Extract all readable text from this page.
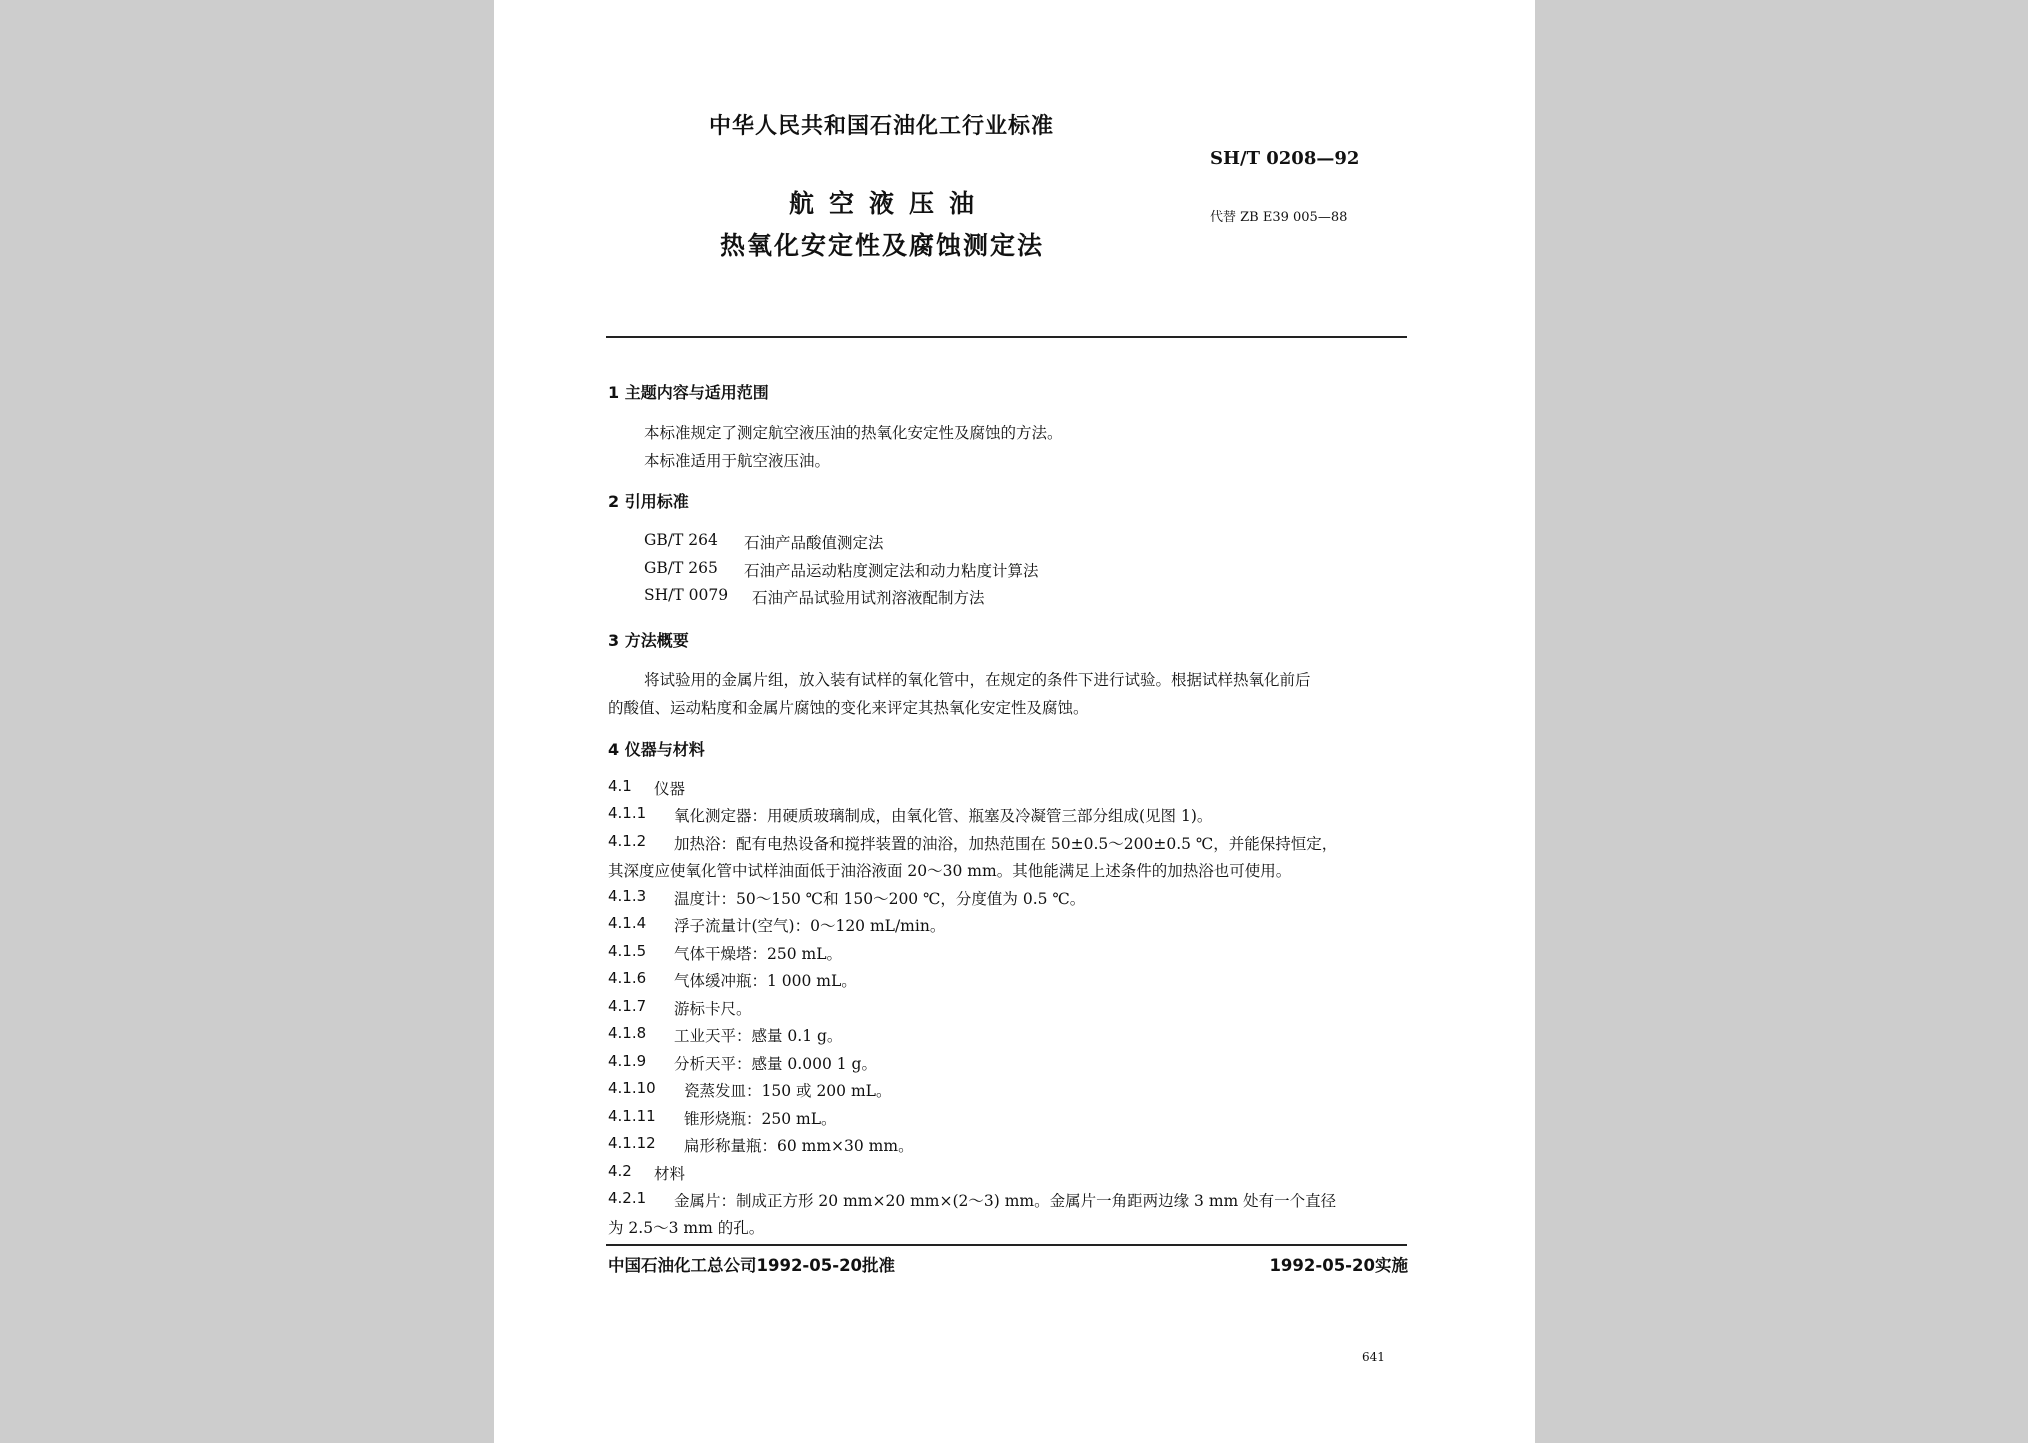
中华人民共和国石油化工行业标准
SH/T 0208—92
航空液压油	代替 ZB E39 005—88
热氧化安定性及腐蚀测定法
1 主题内容与适用范围
本标准规定了测定航空液压油的热氧化安定性及腐蚀的方法。
本标准适用于航空液压油。
2 引用标准
GB/T 264 石油产品酸值测定法
GB/T 265 石油产品运动粘度测定法和动力粘度计算法
SH/T 0079 石油产品试验用试剂溶液配制方法
3 方法概要
将试验用的金属片组，放入装有试样的氧化管中，在规定的条件下进行试验。根据试样热氧化前后
的酸值、运动粘度和金属片腐蚀的变化来评定其热氧化安定性及腐蚀。
4 仪器与材料
4.1 仪器
4.1.1 氧化测定器：用硬质玻璃制成，由氧化管、瓶塞及冷凝管三部分组成(见图 1)。
4.1.2 加热浴：配有电热设备和搅拌装置的油浴，加热范围在 50±0.5～200±0.5 ℃，并能保持恒定，
其深度应使氧化管中试样油面低于油浴液面 20～30 mm。其他能满足上述条件的加热浴也可使用。
4.1.3 温度计：50～150 ℃和 150～200 ℃，分度值为 0.5 ℃。
4.1.4 浮子流量计(空气)：0～120 mL/min。
4.1.5 气体干燥塔：250 mL。
4.1.6 气体缓冲瓶：1 000 mL。
4.1.7 游标卡尺。
4.1.8 工业天平：感量 0.1 g。
4.1.9 分析天平：感量 0.000 1 g。
4.1.10 瓷蒸发皿：150 或 200 mL。
4.1.11 锥形烧瓶：250 mL。
4.1.12 扁形称量瓶：60 mm×30 mm。
4.2 材料
4.2.1 金属片：制成正方形 20 mm×20 mm×(2～3) mm。金属片一角距两边缘 3 mm 处有一个直径
为 2.5～3 mm 的孔。
中国石油化工总公司1992-05-20批准	1992-05-20实施
641
